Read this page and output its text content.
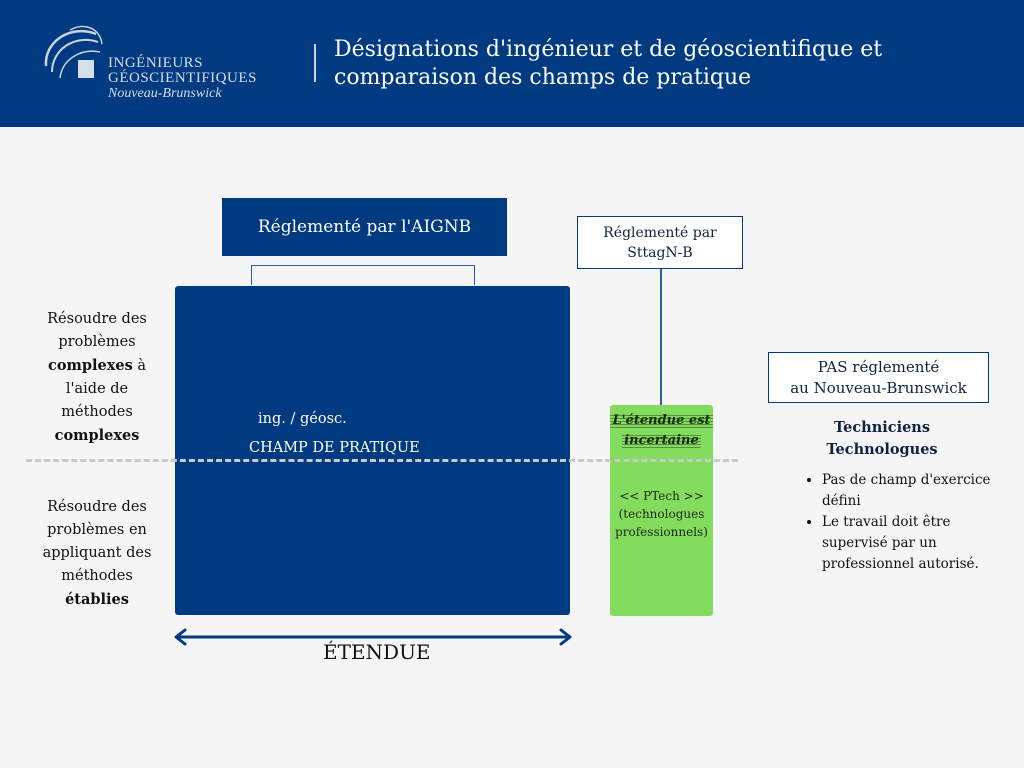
INGÉNIEURS
GÉOSCIENTIFIQUES
Nouveau-Brunswick
Désignations d'ingénieur et de géoscientifique et comparaison des champs de pratique
Réglementé par l'AIGNB
ing. / géosc.
CHAMP DE PRATIQUE
Réglementé par
SttagN-B
L'étendue est
incertaine
<< PTech >>
(technologues
professionnels)
Résoudre des problèmes complexes à l'aide de méthodes complexes
Résoudre des problèmes en appliquant des méthodes établies
ÉTENDUE
PAS réglementé
au Nouveau-Brunswick
Techniciens
Technologues
• Pas de champ d'exercice défini
• Le travail doit être supervisé par un professionnel autorisé.
